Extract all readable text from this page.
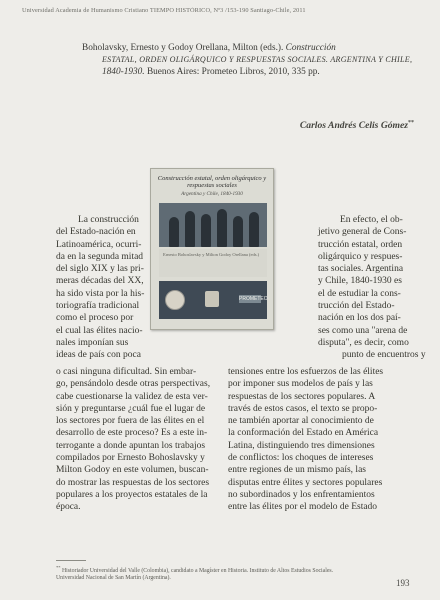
Universidad Academia de Humanismo Cristiano TIEMPO HISTÓRICO, Nº3 /153-190 Santiago-Chile, 2011
Boholavsky, Ernesto y Godoy Orellana, Milton (eds.). Construcción
ESTATAL, ORDEN OLIGÁRQUICO Y RESPUESTAS SOCIALES. ARGENTINA Y CHILE,
1840-1930. Buenos Aires: Prometeo Libros, 2010, 335 pp.
Carlos Andrés Celis Gómez**
Construcción estatal, orden oligárquico y respuestas sociales
Argentina y Chile, 1840-1930
Ernesto Bohoslavsky y Milton Godoy Orellana (eds.)
PROMETEO
La construcción
del Estado-nación en
Latinoamérica, ocurri-
da en la segunda mitad
del siglo XIX y las pri-
meras décadas del XX,
ha sido vista por la his-
toriografía tradicional
como el proceso por
el cual las élites nacio-
nales imponían sus
ideas de país con poca
En efecto, el ob-
jetivo general de Cons-
trucción estatal, orden
oligárquico y respues-
tas sociales. Argentina
y Chile, 1840-1930 es
el de estudiar la cons-
trucción del Estado-
nación en los dos paí-
ses como una "arena de
disputa", es decir, como
punto de encuentros y
o casi ninguna dificultad. Sin embar-
go, pensándolo desde otras perspectivas,
cabe cuestionarse la validez de esta ver-
sión y preguntarse ¿cuál fue el lugar de
los sectores por fuera de las élites en el
desarrollo de este proceso? Es a este in-
terrogante a donde apuntan los trabajos
compilados por Ernesto Bohoslavsky y
Milton Godoy en este volumen, buscan-
do mostrar las respuestas de los sectores
populares a los proyectos estatales de la
época.
tensiones entre los esfuerzos de las élites
por imponer sus modelos de país y las
respuestas de los sectores populares. A
través de estos casos, el texto se propo-
ne también aportar al conocimiento de
la conformación del Estado en América
Latina, distinguiendo tres dimensiones
de conflictos: los choques de intereses
entre regiones de un mismo país, las
disputas entre élites y sectores populares
no subordinados y los enfrentamientos
entre las élites por el modelo de Estado
** Historiador Universidad del Valle (Colombia), candidato a Magíster en Historia. Instituto de Altos Estudios Sociales.
Universidad Nacional de San Martín (Argentina).	193
